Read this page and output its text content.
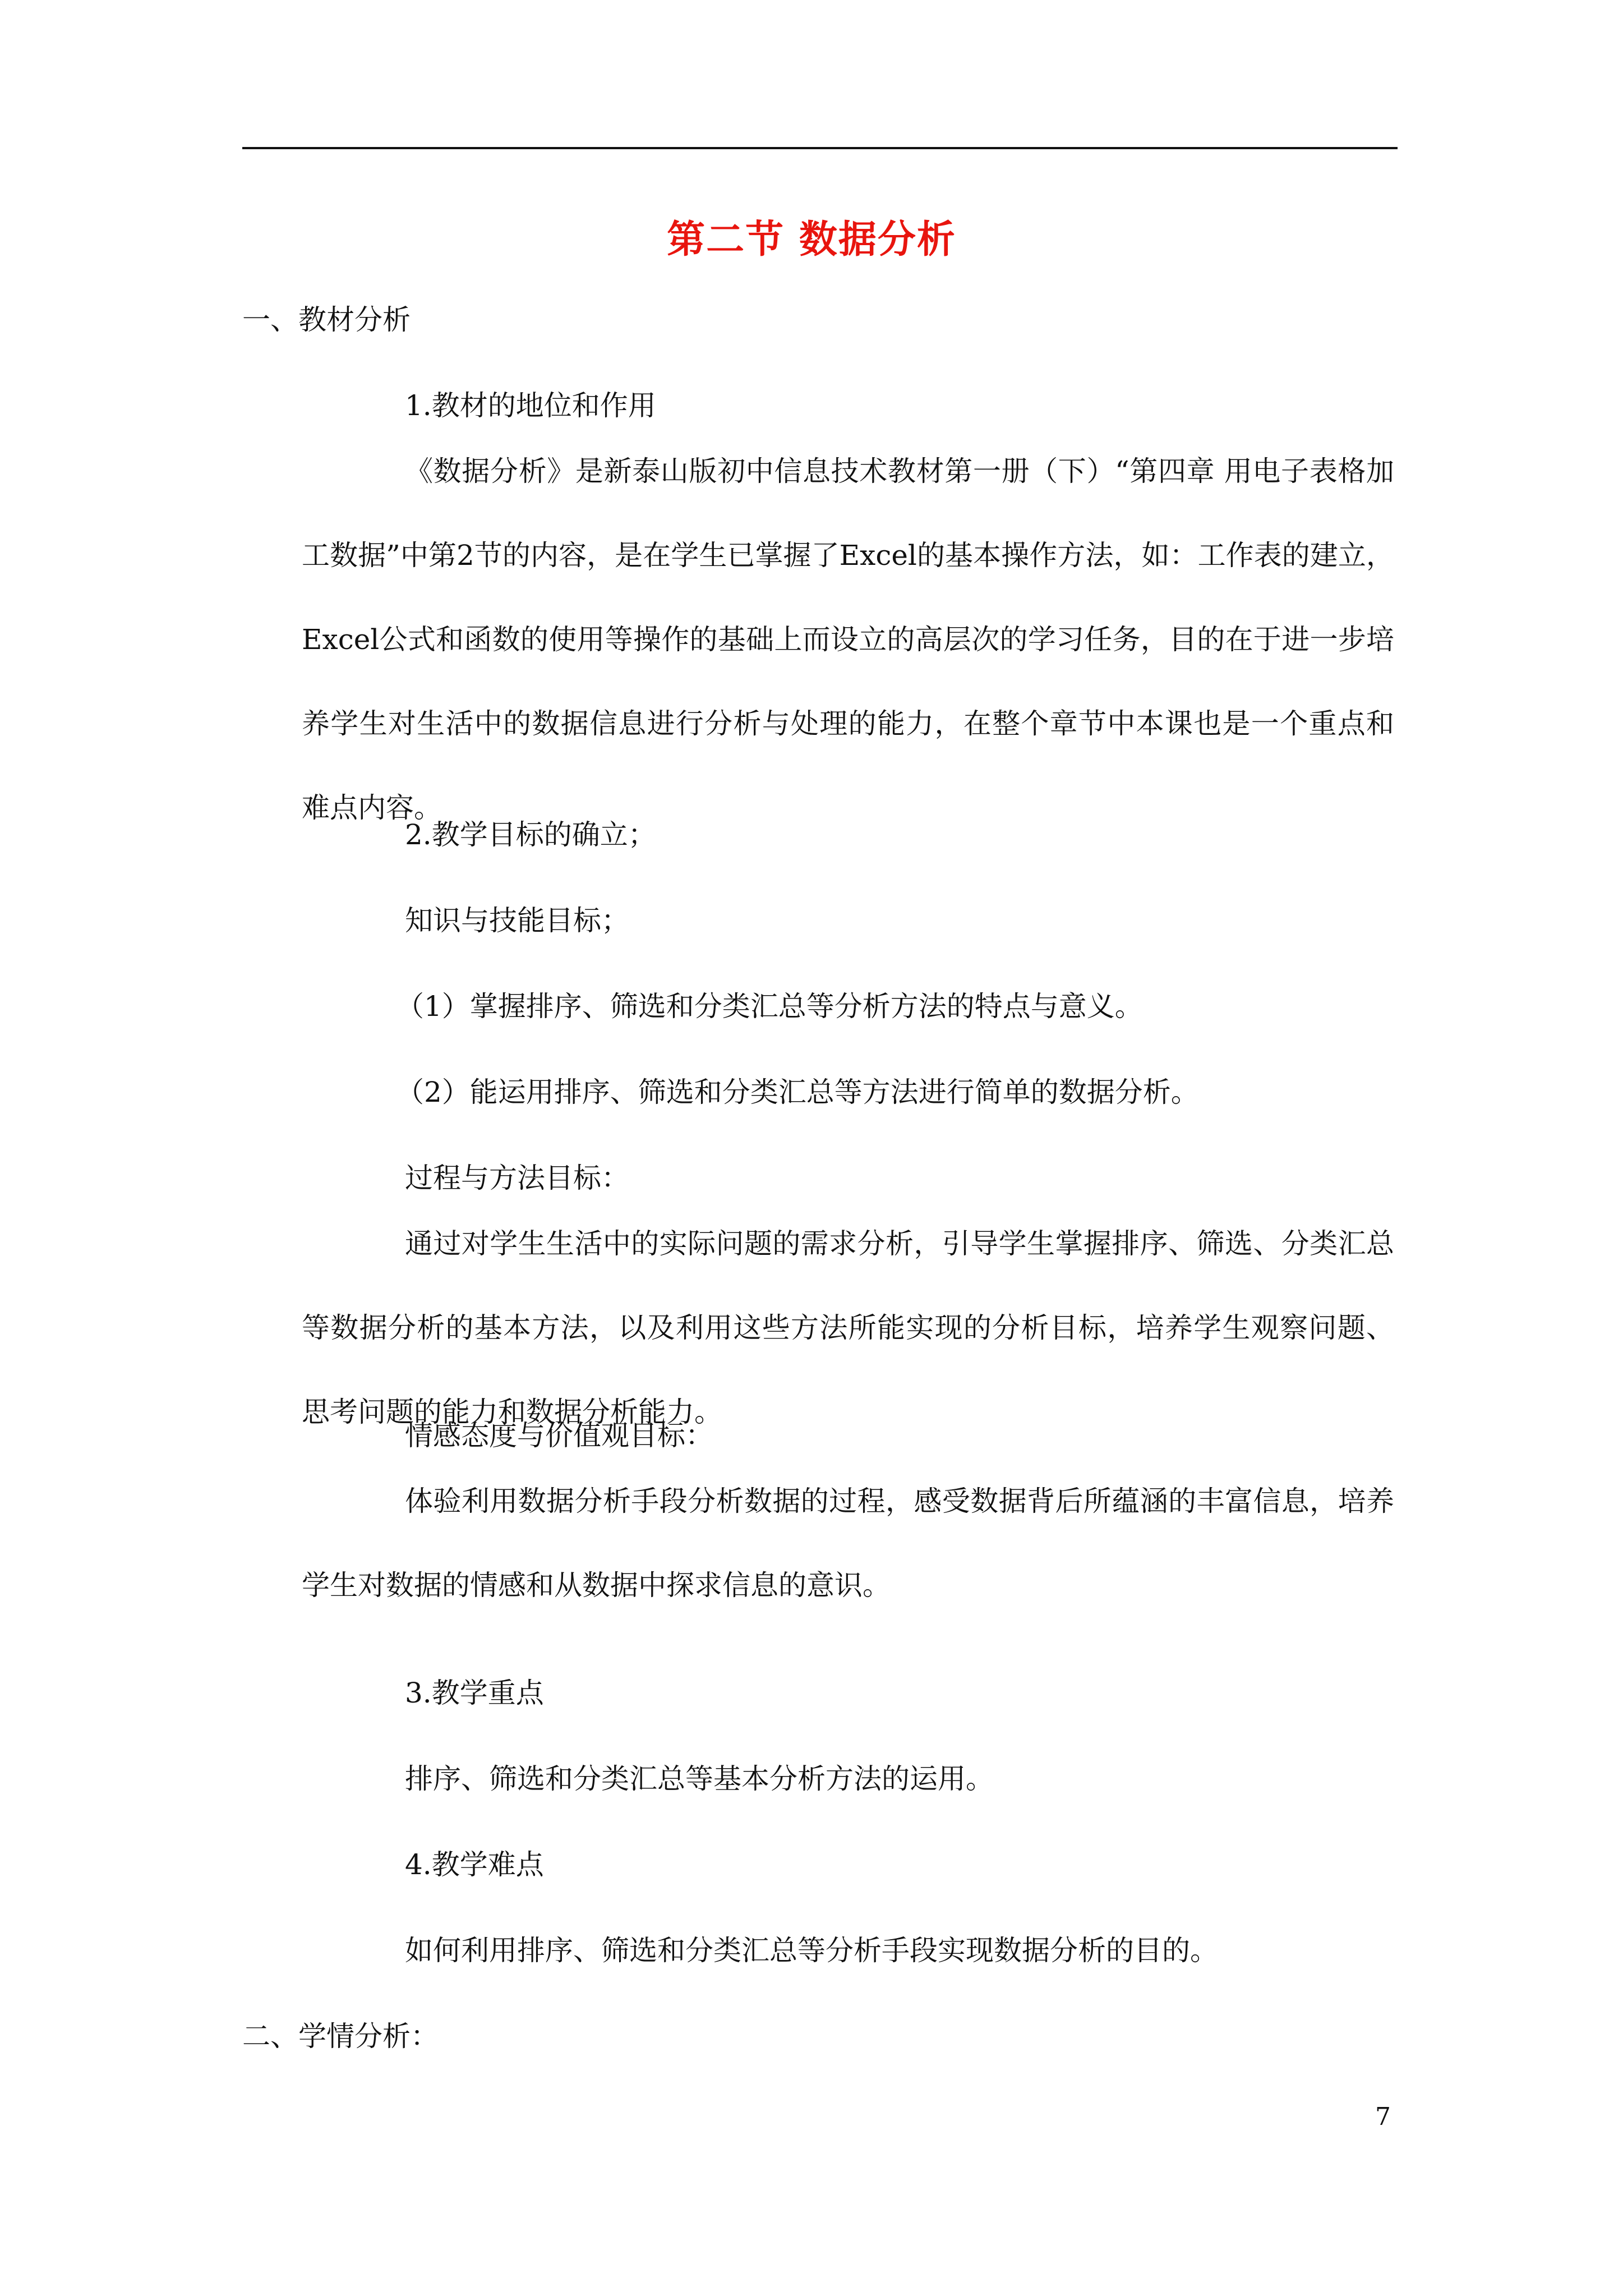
第二节 数据分析
一、教材分析
1.教材的地位和作用

《数据分析》是新泰山版初中信息技术教材第一册（下）“第四章 用电子表格加工数据”中第2节的内容，是在学生已掌握了Excel的基本操作方法，如：工作表的建立，Excel公式和函数的使用等操作的基础上而设立的高层次的学习任务，目的在于进一步培养学生对生活中的数据信息进行分析与处理的能力，在整个章节中本课也是一个重点和难点内容。

2.教学目标的确立；
知识与技能目标；
（1）掌握排序、筛选和分类汇总等分析方法的特点与意义。
（2）能运用排序、筛选和分类汇总等方法进行简单的数据分析。
过程与方法目标：

通过对学生生活中的实际问题的需求分析，引导学生掌握排序、筛选、分类汇总等数据分析的基本方法，以及利用这些方法所能实现的分析目标，培养学生观察问题、思考问题的能力和数据分析能力。

情感态度与价值观目标：

体验利用数据分析手段分析数据的过程，感受数据背后所蕴涵的丰富信息，培养学生对数据的情感和从数据中探求信息的意识。

3.教学重点
排序、筛选和分类汇总等基本分析方法的运用。
4.教学难点
如何利用排序、筛选和分类汇总等分析手段实现数据分析的目的。
二、学情分析：
7
